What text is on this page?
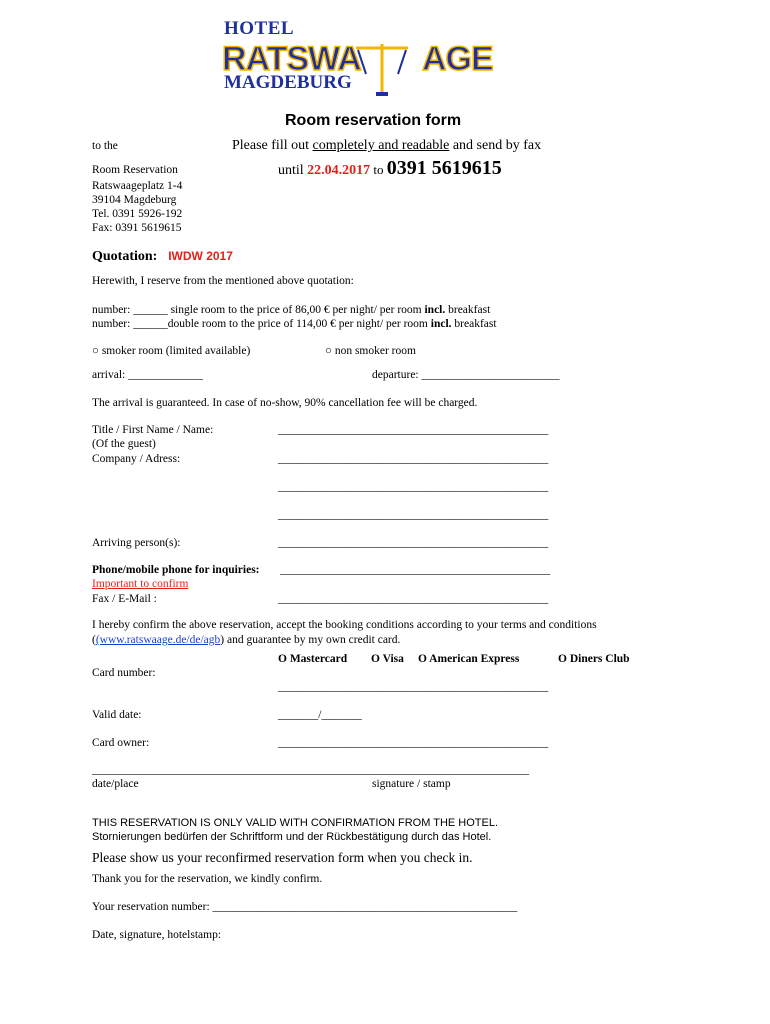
HOTEL
RATSWA AGE
MAGDEBURG
Room reservation form
to the	Please fill out completely and readable and send by fax
until 22.04.2017 to 0391 5619615
Room Reservation
Ratswaageplatz 1-4
39104 Magdeburg
Tel. 0391 5926-192
Fax: 0391 5619615
Quotation: IWDW 2017
Herewith, I reserve from the mentioned above quotation:
number: ______ single room to the price of 86,00 € per night/ per room incl. breakfast
number: ______double room to the price of 114,00 € per night/ per room incl. breakfast
○ smoker room (limited available)	○ non smoker room
arrival: _____________	departure: ________________________
The arrival is guaranteed. In case of no-show, 90% cancellation fee will be charged.
Title / First Name / Name:	_______________________________________________
(Of the guest)
Company / Adress:	_______________________________________________
_______________________________________________
_______________________________________________
Arriving person(s):	_______________________________________________
Phone/mobile phone for inquiries: _______________________________________________
Important to confirm
Fax / E-Mail :	_______________________________________________
I hereby confirm the above reservation, accept the booking conditions according to your terms and conditions
((www.ratswaage.de/de/agb) and guarantee by my own credit card.
O Mastercard O Visa O American Express	O Diners Club
Card number:
_______________________________________________
Valid date:	_______/_______
Card owner:	_______________________________________________
____________________________________________________________________________
date/place	signature / stamp
THIS RESERVATION IS ONLY VALID WITH CONFIRMATION FROM THE HOTEL.
Stornierungen bedürfen der Schriftform und der Rückbestätigung durch das Hotel.
Please show us your reconfirmed reservation form when you check in.
Thank you for the reservation, we kindly confirm.
Your reservation number: _____________________________________________________
Date, signature, hotelstamp:
